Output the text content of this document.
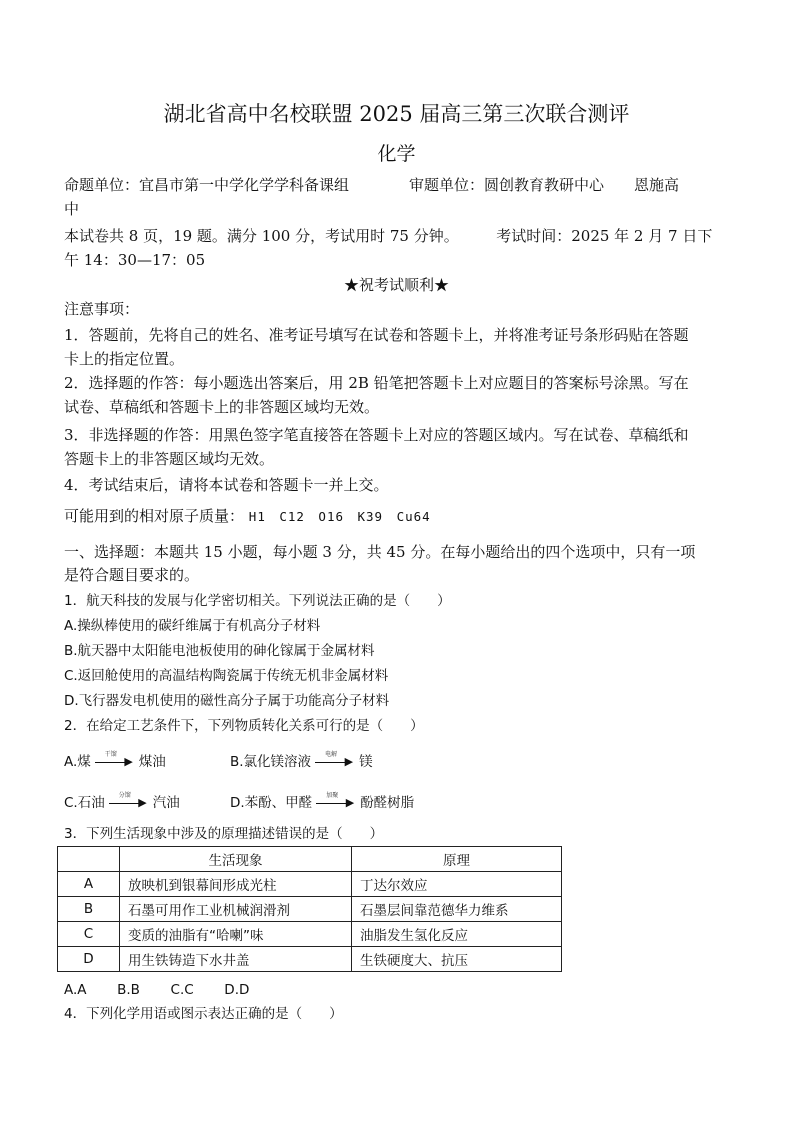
湖北省高中名校联盟 2025 届高三第三次联合测评
化学
命题单位：宜昌市第一中学化学学科备课组　　　　审题单位：圆创教育教研中心　　恩施高
中
本试卷共 8 页，19 题。满分 100 分，考试用时 75 分钟。　　　考试时间：2025 年 2 月 7 日下
午 14：30—17：05
★祝考试顺利★
注意事项：
1．答题前，先将自己的姓名、准考证号填写在试卷和答题卡上，并将准考证号条形码贴在答题
卡上的指定位置。
2．选择题的作答：每小题选出答案后，用 2B 铅笔把答题卡上对应题目的答案标号涂黑。写在
试卷、草稿纸和答题卡上的非答题区域均无效。
3．非选择题的作答：用黑色签字笔直接答在答题卡上对应的答题区域内。写在试卷、草稿纸和
答题卡上的非答题区域均无效。
4．考试结束后，请将本试卷和答题卡一并上交。
可能用到的相对原子质量： H1　C12　O16　K39　Cu64
一、选择题：本题共 15 小题，每小题 3 分，共 45 分。在每小题给出的四个选项中，只有一项
是符合题目要求的。
1．航天科技的发展与化学密切相关。下列说法正确的是（　　）
A.操纵棒使用的碳纤维属于有机高分子材料
B.航天器中太阳能电池板使用的砷化镓属于金属材料
C.返回舱使用的高温结构陶瓷属于传统无机非金属材料
D.飞行器发电机使用的磁性高分子属于功能高分子材料
2．在给定工艺条件下，下列物质转化关系可行的是（　　）
A.煤 干馏
▶ 煤油	B.氯化镁溶液 电解
▶ 镁
C.石油 分馏
▶ 汽油	D.苯酚、甲醛 加聚
▶ 酚醛树脂
3．下列生活现象中涉及的原理描述错误的是（　　）
	生活现象	原理
A	放映机到银幕间形成光柱	丁达尔效应
B	石墨可用作工业机械润滑剂	石墨层间靠范德华力维系
C	变质的油脂有“哈喇”味	油脂发生氢化反应
D	用生铁铸造下水井盖	生铁硬度大、抗压
A.A B.B C.C D.D
4．下列化学用语或图示表达正确的是（　　）
